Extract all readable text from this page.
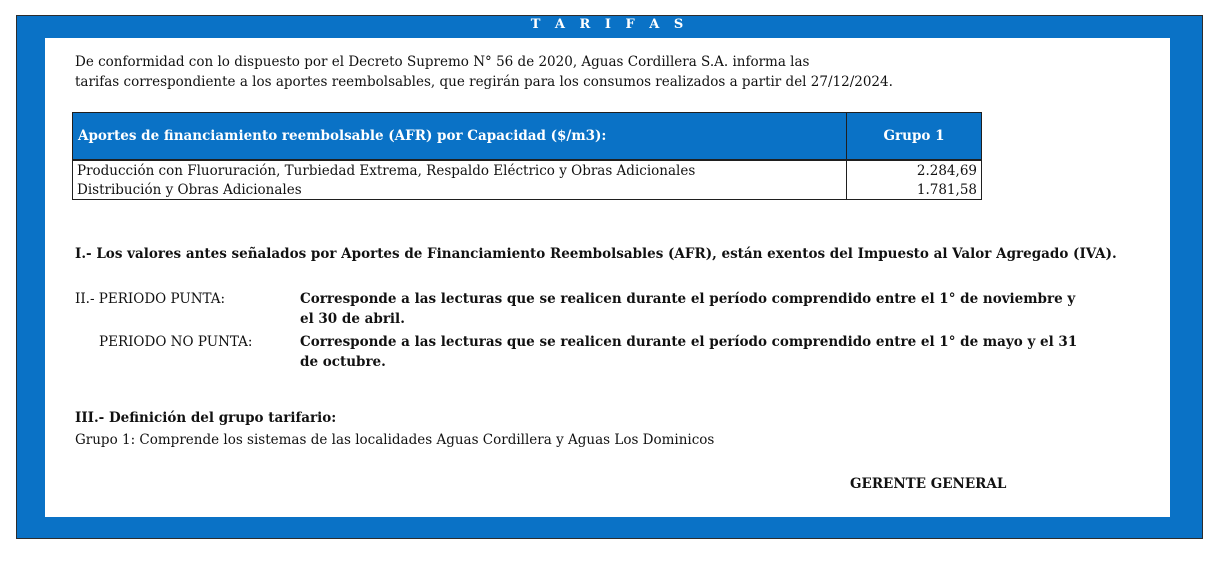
T A R I F A S
De conformidad con lo dispuesto por el Decreto Supremo N° 56 de 2020, Aguas Cordillera S.A. informa las
tarifas correspondiente a los aportes reembolsables, que regirán para los consumos realizados a partir del 27/12/2024.
Aportes de financiamiento reembolsable (AFR) por Capacidad ($/m3):	Grupo 1
Producción con Fluoruración, Turbiedad Extrema, Respaldo Eléctrico y Obras Adicionales	2.284,69
Distribución y Obras Adicionales	1.781,58
I.- Los valores antes señalados por Aportes de Financiamiento Reembolsables (AFR), están exentos del Impuesto al Valor Agregado (IVA).
II.- PERIODO PUNTA:	Corresponde a las lecturas que se realicen durante el período comprendido entre el 1° de noviembre y el 30 de abril.
PERIODO NO PUNTA:	Corresponde a las lecturas que se realicen durante el período comprendido entre el 1° de mayo y el 31 de octubre.
III.- Definición del grupo tarifario:
Grupo 1: Comprende los sistemas de las localidades Aguas Cordillera y Aguas Los Dominicos
GERENTE GENERAL
